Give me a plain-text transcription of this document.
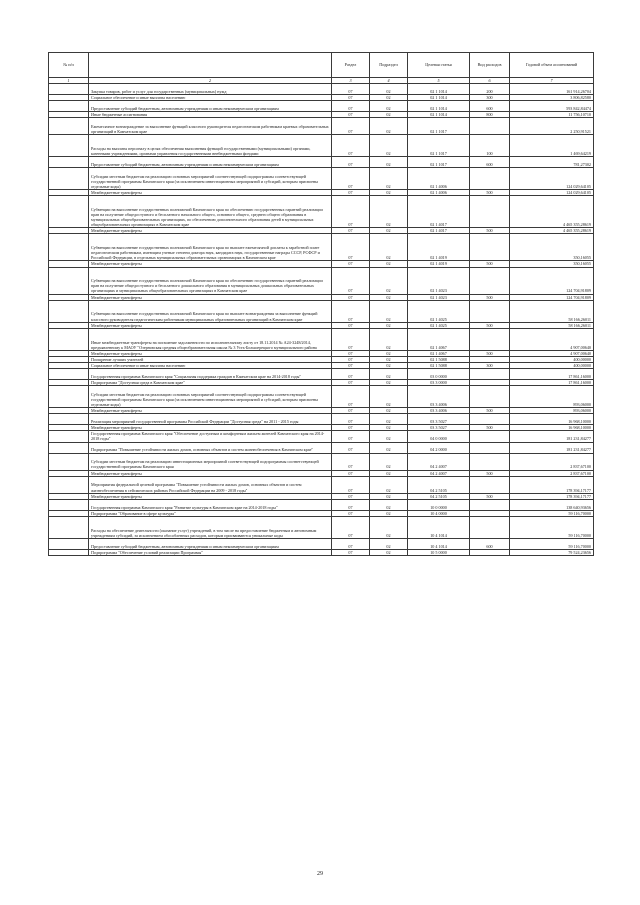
№ п/п		Раздел	Подраздел	Целевая статья	Вид расходов	Годовой объем ассигнований
1	2	3	4	5	6	7
	Закупка товаров, работ и услуг для государственных (муниципальных) нужд	07	02	02 1 1014	200	161 914,26704
	Социальное обеспечение и иные выплаты населению	07	02	02 1 1014	300	3 806,82580
	Предоставление субсидий бюджетным, автономным учреждениям и иным некоммерческим организациям	07	02	02 1 1014	600	593 842,84474
	Иные бюджетные ассигнования	07	02	02 1 1014	800	11 756,10710
	Ежемесячное вознаграждение за выполнение функций классного руководителя педагогическим работникам краевых образовательных организаций в Камчатском крае	07	02	02 1 1017		2 250,91521
	Расходы на выплаты персоналу в целях обеспечения выполнения функций государственными (муниципальными) органами, казенными учреждениями, органами управления государственными внебюджетными фондами	07	02	02 1 1017	100	1 469,64219
	Предоставление субсидий бюджетным, автономным учреждениям и иным некоммерческим организациям	07	02	02 1 1017	600	781,27302
	Субсидии местным бюджетам на реализацию основных мероприятий соответствующей подпрограммы соответствующей государственной программы Камчатского края (за исключением инвестиционных мероприятий и субсидий, которым присвоены отдельные коды)	07	02	02 1 4006		124 029,64105
	Межбюджетные трансферты	07	02	02 1 4006	500	124 029,64105
	Субвенции на выполнение государственных полномочий Камчатского края по обеспечению государственных гарантий реализации прав на получение общедоступного и бесплатного начального общего, основного общего, среднего общего образования в муниципальных общеобразовательных организациях, по обеспечению дополнительного образования детей в муниципальных общеобразовательных организациях в Камчатском крае	07	02	02 1 4017		4 465 355,28619
	Межбюджетные трансферты	07	02	02 1 4017	500	4 465 355,28619
	Субвенции на выполнение государственных полномочий Камчатского края по выплате ежемесячной доплаты к заработной плате педагогическим работникам, имеющим ученые степени доктора наук, кандидата наук, государственные награды СССР, РСФСР и Российской Федерации, в отдельных муниципальных образовательных организациях в Камчатском крае	07	02	02 1 4019		350,16055
	Межбюджетные трансферты	07	02	02 1 4019	500	350,16055
	Субвенции на выполнение государственных полномочий Камчатского края по обеспечению государственных гарантий реализации прав на получение общедоступного и бесплатного дошкольного образования в муниципальных дошкольных образовательных организациях и муниципальных общеобразовательных организациях в Камчатском крае	07	02	02 1 4023		124 704,91809
	Межбюджетные трансферты	07	02	02 1 4023	500	124 704,91809
	Субвенции на выполнение государственных полномочий Камчатского края по выплате вознаграждения за выполнение функций классного руководителя педагогическим работникам муниципальных образовательных организаций в Камчатском крае	07	02	02 1 4025		58 166,26011
	Межбюджетные трансферты	07	02	02 1 4025	500	58 166,26011
	Иные межбюджетные трансферты на погашение задолженности по исполнительному листу от 18.11.2014 № А24-3248/2014, предъявленному к МАОУ "Озерновская средняя общеобразовательная школа № 3 Усть-Большерецкого муниципального района	07	02	02 1 4067		4 907,00640
	Межбюджетные трансферты	07	02	02 1 4067	500	4 907,00640
	Поощрение лучших учителей	07	02	02 1 5088		400,00000
	Социальное обеспечение и иные выплаты населению	07	02	02 1 5088	300	400,00000
	Государственная программа Камчатского края "Социальная поддержка граждан в Камчатском крае на 2014-2018 годы"	07	02	03 0 0000		17 861,16000
	Подпрограмма "Доступная среда в Камчатском крае"	07	02	03 3 0000		17 861,16000
	Субсидии местным бюджетам на реализацию основных мероприятий соответствующей подпрограммы соответствующей государственной программы Камчатского края (за исключением инвестиционных мероприятий и субсидий, которым присвоены отдельные коды)	07	02	03 3 4006		893,06000
	Межбюджетные трансферты	07	02	03 3 4006	500	893,06000
	Реализация мероприятий государственной программы Российской Федерации "Доступная среда" на 2011 - 2015 годы	07	02	03 3 5027		16 968,10000
	Межбюджетные трансферты	07	02	03 3 5027	500	16 968,10000
	Государственная программа Камчатского края "Обеспечение доступным и комфортным жильем жителей Камчатского края на 2014-2018 годы"	07	02	04 0 0000		181 231,84277
	Подпрограмма "Повышение устойчивости жилых домов, основных объектов и систем жизнеобеспечения в Камчатском крае"	07	02	04 2 0000		181 231,84277
	Субсидии местным бюджетам на реализацию инвестиционных мероприятий соответствующей подпрограммы соответствующей государственной программы Камчатского края	07	02	04 2 4007		2 837,67100
	Межбюджетные трансферты	07	02	04 2 4007	500	2 837,67100
	Мероприятия федеральной целевой программы "Повышение устойчивости жилых домов, основных объектов и систем жизнеобеспечения в сейсмических районах Российской Федерации на 2009 - 2018 годы"	07	02	04 2 5105		178 394,17177
	Межбюджетные трансферты	07	02	04 2 5105	500	178 394,17177
	Государственная программа Камчатского края "Развитие культуры в Камчатском крае на 2014-2018 годы"	07	02	10 0 0000		138 640,93656
	Подпрограмма "Образование в сфере культуры"	07	02	10 4 0000		59 116,70000
	Расходы на обеспечение деятельности (оказание услуг) учреждений, в том числе на предоставление бюджетным и автономным учреждениям субсидий, за исключением обособленных расходов, которым присваиваются уникальные коды	07	02	10 4 1014		59 116,70000
	Предоставление субсидий бюджетным, автономным учреждениям и иным некоммерческим организациям	07	02	10 4 1014	600	59 116,70000
	Подпрограмма "Обеспечение условий реализации Программы"	07	02	10 5 0000		79 524,23656
29
